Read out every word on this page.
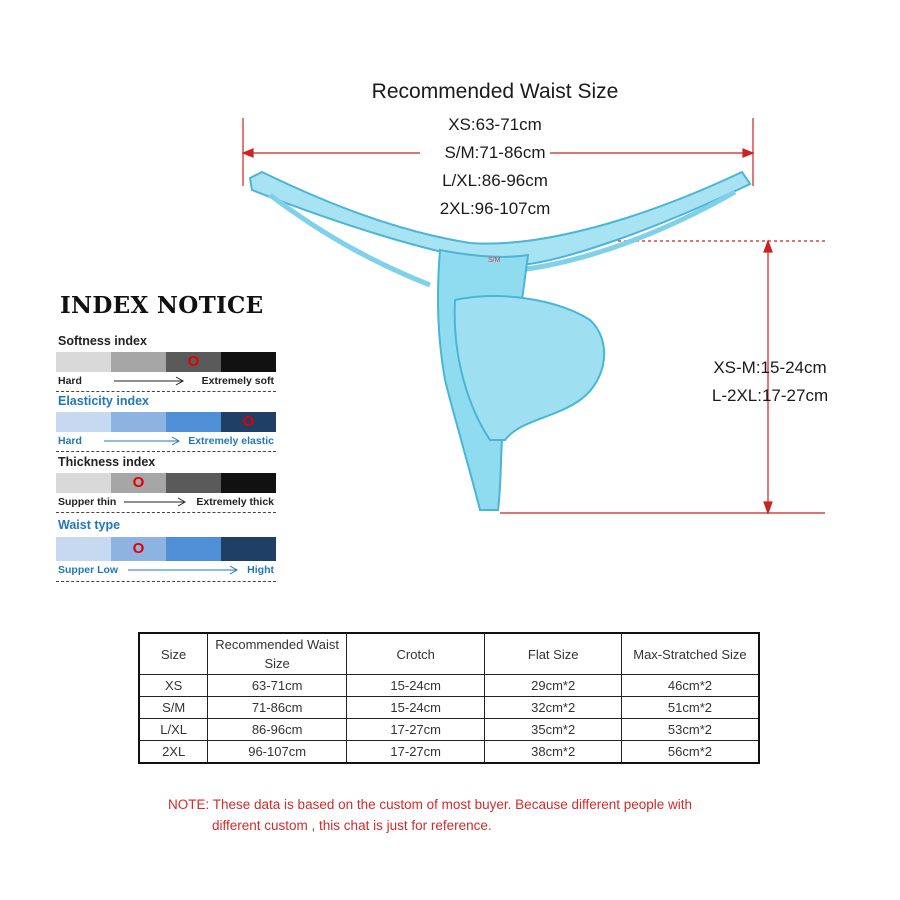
Recommended Waist Size
XS:63-71cm
S/M:71-86cm
L/XL:86-96cm
2XL:96-107cm
S/M
XS-M:15-24cm
L-2XL:17-27cm
INDEX NOTICE
Softness index
O
Hard	Extremely soft
Elasticity index
O
Hard	Extremely elastic
Thickness index
O
Supper thin	Extremely thick
Waist type
O
Supper Low	Hight
Size	Recommended Waist Size	Crotch	Flat Size	Max-Stratched Size
XS	63-71cm	15-24cm	29cm*2	46cm*2
S/M	71-86cm	15-24cm	32cm*2	51cm*2
L/XL	86-96cm	17-27cm	35cm*2	53cm*2
2XL	96-107cm	17-27cm	38cm*2	56cm*2
NOTE: These data is based on the custom of most buyer. Because different people with
different custom , this chat is just for reference.
